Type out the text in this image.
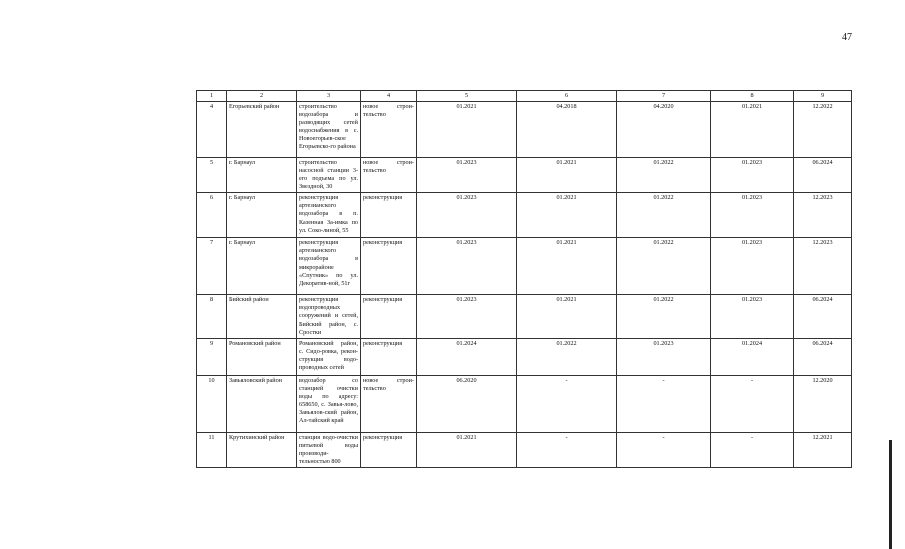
47
1	2	3	4	5	6	7	8	9
4	Егорьевский район	строительство водозабора и разводящих сетей водоснабжения в с. Новоегорьев-ское Егорьевско-го района	новое строи-тельство	01.2021	04.2018	04.2020	01.2021	12.2022
5	г. Барнаул	строительство насосной станции 3-его подъема по ул. Звездной, 30	новое строи-тельство	01.2023	01.2021	01.2022	01.2023	06.2024
6	г. Барнаул	реконструкция артезианского водозабора в п. Казенная За-имка по ул. Соко-линой, 55	реконструкция	01.2023	01.2021	01.2022	01.2023	12.2023
7	г. Барнаул	реконструкция артезианского водозабора в микрорайоне «Спутник» по ул. Декоратив-ной, 51г	реконструкция	01.2023	01.2021	01.2022	01.2023	12.2023
8	Бийский район	реконструкция водопроводных сооружений и сетей, Бийский район, с. Сростки	реконструкция	01.2023	01.2021	01.2022	01.2023	06.2024
9	Романовский район	Романовский район, с. Сидо-ровка, рекон-струкция водо-проводных сетей	реконструкция	01.2024	01.2022	01.2023	01.2024	06.2024
10	Завьяловский район	водозабор со станцией очистки воды по адресу: 658650, с. Завья-лово, Завьялов-ский район, Ал-тайский край	новое строи-тельство	06.2020	-	-	-	12.2020
11	Крутихинский район	станция водо-очистки питьевой воды производи-тельностью 800	реконструкция	01.2021	-	-	-	12.2021
